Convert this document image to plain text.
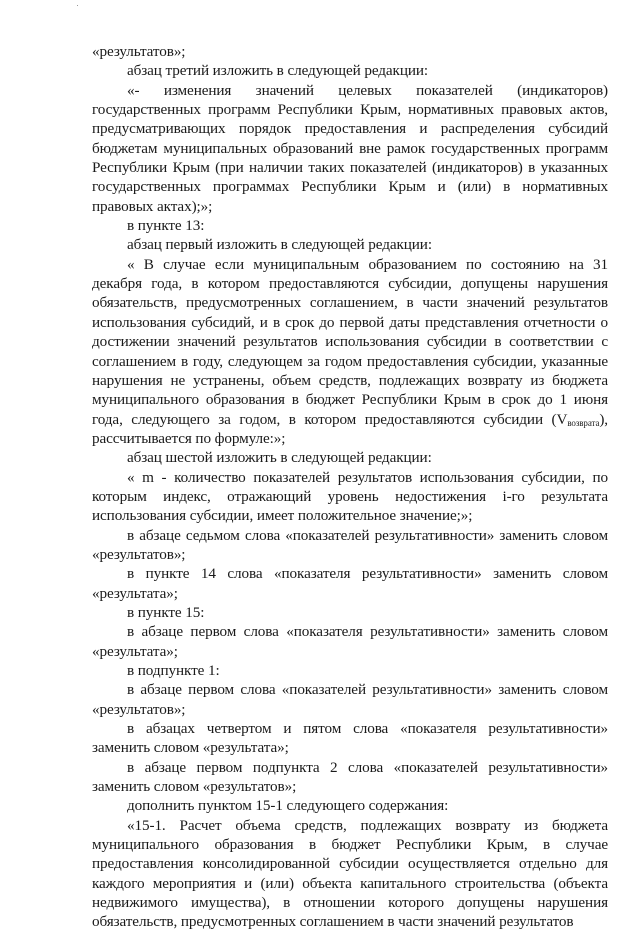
«результатов»;

абзац третий изложить в следующей редакции:

«- изменения значений целевых показателей (индикаторов) государственных программ Республики Крым, нормативных правовых актов, предусматривающих порядок предоставления и распределения субсидий бюджетам муниципальных образований вне рамок государственных программ Республики Крым (при наличии таких показателей (индикаторов) в указанных государственных программах Республики Крым и (или) в нормативных правовых актах);»;

в пункте 13:

абзац первый изложить в следующей редакции:

« В случае если муниципальным образованием по состоянию на 31 декабря года, в котором предоставляются субсидии, допущены нарушения обязательств, предусмотренных соглашением, в части значений результатов использования субсидий, и в срок до первой даты представления отчетности о достижении значений результатов использования субсидии в соответствии с соглашением в году, следующем за годом предоставления субсидии, указанные нарушения не устранены, объем средств, подлежащих возврату из бюджета муниципального образования в бюджет Республики Крым в срок до 1 июня года, следующего за годом, в котором предоставляются субсидии $(V_{возврата})$, рассчитывается по формуле:»;

абзац шестой изложить в следующей редакции:

« m - количество показателей результатов использования субсидии, по которым индекс, отражающий уровень недостижения i-го результата использования субсидии, имеет положительное значение;»;

в абзаце седьмом слова «показателей результативности» заменить словом «результатов»;

в пункте 14 слова «показателя результативности» заменить словом «результата»;

в пункте 15:

в абзаце первом слова «показателя результативности» заменить словом «результата»;

в подпункте 1:

в абзаце первом слова «показателей результативности» заменить словом «результатов»;

в абзацах четвертом и пятом слова «показателя результативности» заменить словом «результата»;

в абзаце первом подпункта 2 слова «показателей результативности» заменить словом «результатов»;

дополнить пунктом 15-1 следующего содержания:

«15-1. Расчет объема средств, подлежащих возврату из бюджета муниципального образования в бюджет Республики Крым, в случае предоставления консолидированной субсидии осуществляется отдельно для каждого мероприятия и (или) объекта капитального строительства (объекта недвижимого имущества), в отношении которого допущены нарушения обязательств, предусмотренных соглашением в части значений результатов
